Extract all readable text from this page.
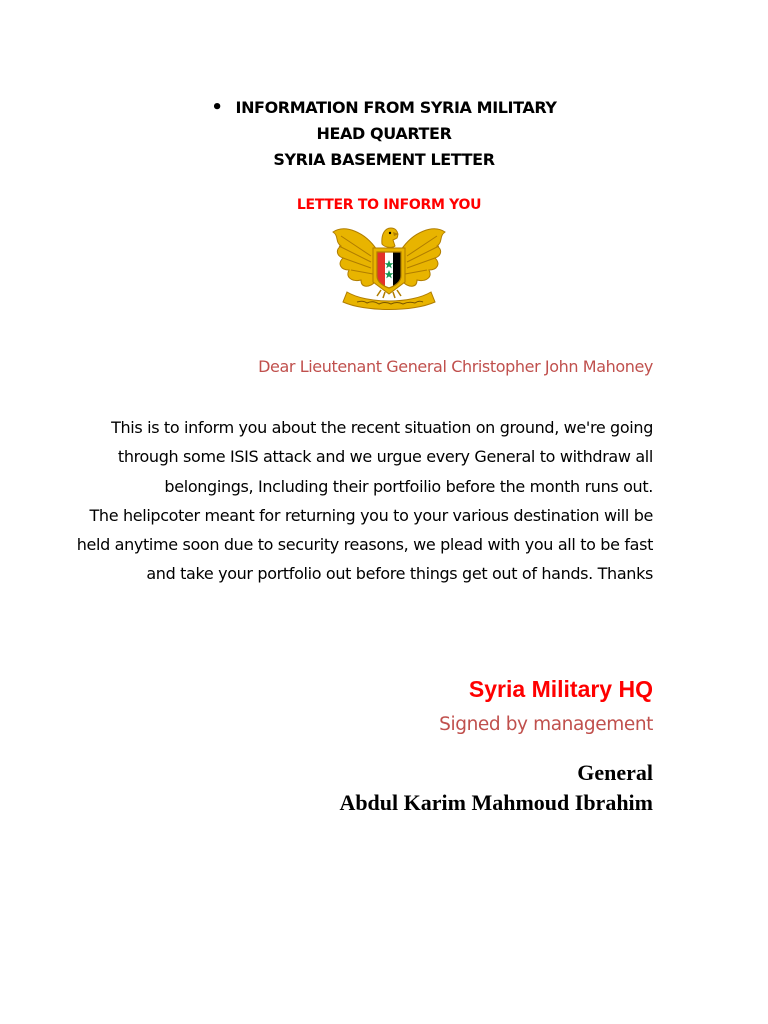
• INFORMATION FROM SYRIA MILITARY
HEAD QUARTER
SYRIA BASEMENT LETTER
LETTER TO INFORM YOU
Dear Lieutenant General Christopher John Mahoney

This is to inform you about the recent situation on ground, we're going through some ISIS attack and we urgue every General to withdraw all belongings, Including their portfoilio before the month runs out.

The helipcoter meant for returning you to your various destination will be held anytime soon due to security reasons, we plead with you all to be fast and take your portfolio out before things get out of hands. Thanks

Syria Military HQ
Signed by management
General
Abdul Karim Mahmoud Ibrahim
